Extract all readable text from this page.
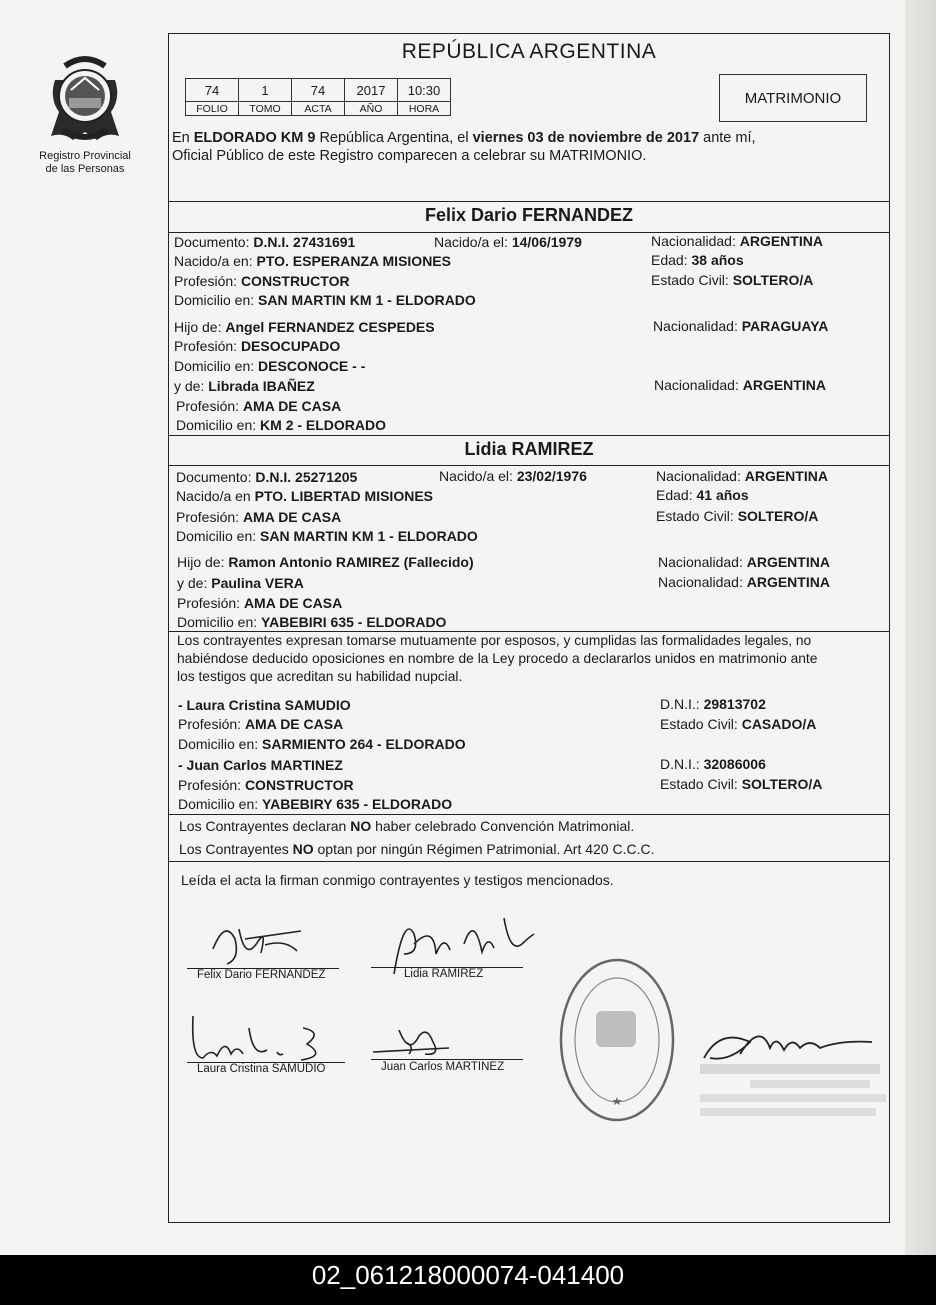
Registro Provincial
de las Personas
REPÚBLICA ARGENTINA
74	1	74	2017	10:30
FOLIO	TOMO	ACTA	AÑO	HORA
MATRIMONIO
En ELDORADO KM 9 República Argentina, el viernes 03 de noviembre de 2017 ante mí,
Oficial Público de este Registro comparecen a celebrar su MATRIMONIO.
Felix Dario FERNANDEZ
Documento: D.N.I. 27431691	Nacido/a el: 14/06/1979	Nacionalidad: ARGENTINA
Nacido/a en: PTO. ESPERANZA MISIONES	Edad: 38 años
Profesión: CONSTRUCTOR	Estado Civil: SOLTERO/A
Domicilio en: SAN MARTIN KM 1 - ELDORADO
Hijo de: Angel FERNANDEZ CESPEDES	Nacionalidad: PARAGUAYA
Profesión: DESOCUPADO
Domicilio en: DESCONOCE - -
y de: Librada IBAÑEZ	Nacionalidad: ARGENTINA
Profesión: AMA DE CASA
Domicilio en: KM 2 - ELDORADO
Lidia RAMIREZ
Documento: D.N.I. 25271205	Nacido/a el: 23/02/1976	Nacionalidad: ARGENTINA
Nacido/a en PTO. LIBERTAD MISIONES	Edad: 41 años
Profesión: AMA DE CASA	Estado Civil: SOLTERO/A
Domicilio en: SAN MARTIN KM 1 - ELDORADO
Hijo de: Ramon Antonio RAMIREZ (Fallecido)	Nacionalidad: ARGENTINA
y de: Paulina VERA	Nacionalidad: ARGENTINA
Profesión: AMA DE CASA
Domicilio en: YABEBIRI 635 - ELDORADO
Los contrayentes expresan tomarse mutuamente por esposos, y cumplidas las formalidades legales, no
habiéndose deducido oposiciones en nombre de la Ley procedo a declararlos unidos en matrimonio ante
los testigos que acreditan su habilidad nupcial.
- Laura Cristina SAMUDIO	D.N.I.: 29813702
Profesión: AMA DE CASA	Estado Civil: CASADO/A
Domicilio en: SARMIENTO 264 - ELDORADO
- Juan Carlos MARTINEZ	D.N.I.: 32086006
Profesión: CONSTRUCTOR	Estado Civil: SOLTERO/A
Domicilio en: YABEBIRY 635 - ELDORADO
Los Contrayentes declaran NO haber celebrado Convención Matrimonial.
Los Contrayentes NO optan por ningún Régimen Patrimonial. Art 420 C.C.C.
Leída el acta la firman conmigo contrayentes y testigos mencionados.
Felix Dario FERNANDEZ	Lidia RAMIREZ
Laura Cristina SAMUDIO	Juan Carlos MARTINEZ
02_061218000074-041400
